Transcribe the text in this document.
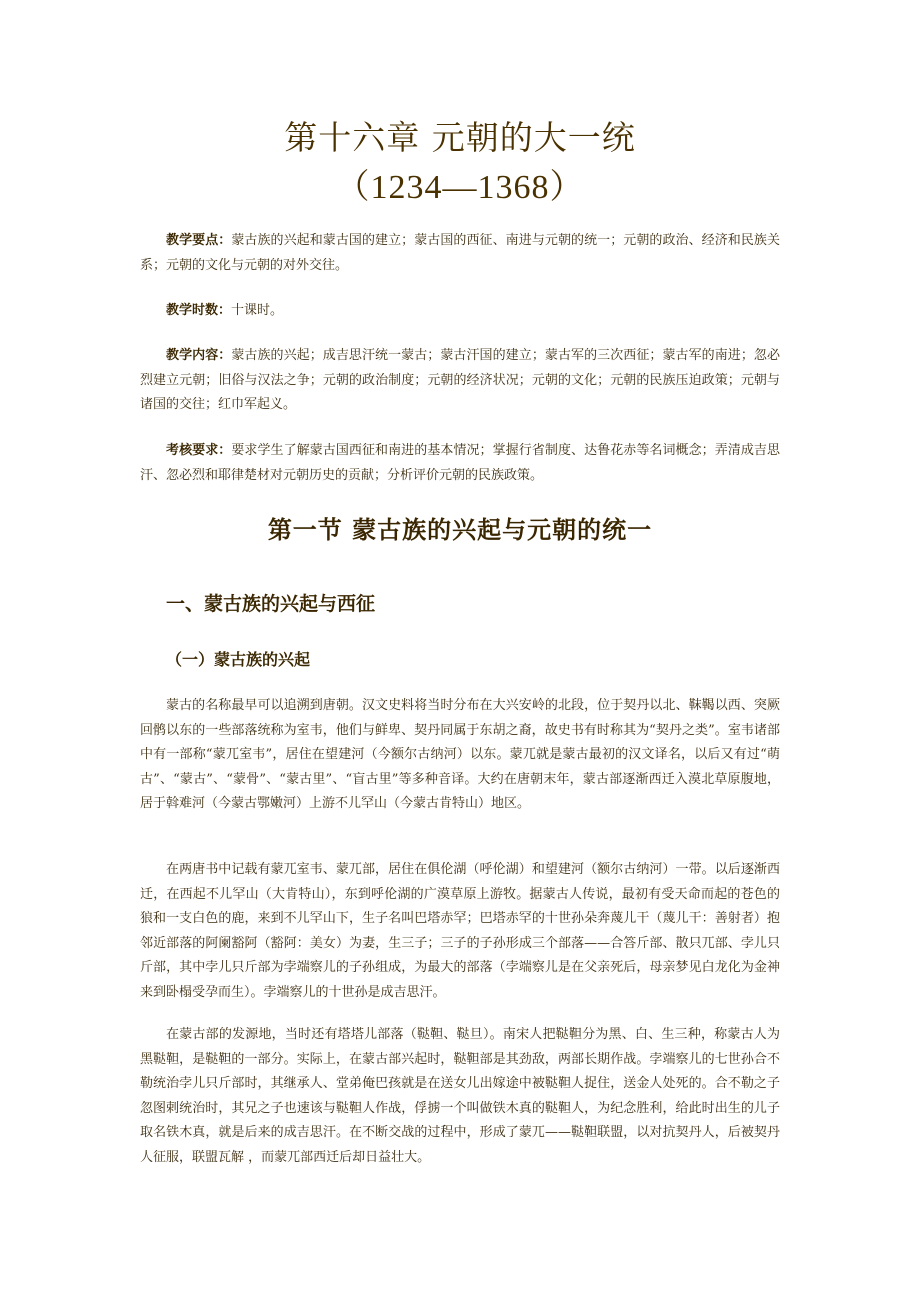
第十六章 元朝的大一统
（1234—1368）

教学要点：蒙古族的兴起和蒙古国的建立；蒙古国的西征、南进与元朝的统一；元朝的政治、经济和民族关系；元朝的文化与元朝的对外交往。

教学时数：十课时。

教学内容：蒙古族的兴起；成吉思汗统一蒙古；蒙古汗国的建立；蒙古军的三次西征；蒙古军的南进；忽必烈建立元朝；旧俗与汉法之争；元朝的政治制度；元朝的经济状况；元朝的文化；元朝的民族压迫政策；元朝与诸国的交往；红巾军起义。

考核要求：要求学生了解蒙古国西征和南进的基本情况；掌握行省制度、达鲁花赤等名词概念；弄清成吉思汗、忽必烈和耶律楚材对元朝历史的贡献；分析评价元朝的民族政策。

第一节 蒙古族的兴起与元朝的统一
一、蒙古族的兴起与西征
（一）蒙古族的兴起

蒙古的名称最早可以追溯到唐朝。汉文史料将当时分布在大兴安岭的北段，位于契丹以北、靺鞨以西、突厥回鹘以东的一些部落统称为室韦，他们与鲜卑、契丹同属于东胡之裔，故史书有时称其为“契丹之类”。室韦诸部中有一部称“蒙兀室韦”，居住在望建河（今额尔古纳河）以东。蒙兀就是蒙古最初的汉文译名，以后又有过“萌古”、“蒙古”、“蒙骨”、“蒙古里”、“盲古里”等多种音译。大约在唐朝末年，蒙古部逐渐西迁入漠北草原腹地，居于斡难河（今蒙古鄂嫩河）上游不儿罕山（今蒙古肯特山）地区。

在两唐书中记载有蒙兀室韦、蒙兀部，居住在俱伦湖（呼伦湖）和望建河（额尔古纳河）一带。以后逐渐西迁，在西起不儿罕山（大肯特山），东到呼伦湖的广漠草原上游牧。据蒙古人传说，最初有受天命而起的苍色的狼和一支白色的鹿，来到不儿罕山下，生子名叫巴塔赤罕；巴塔赤罕的十世孙朵奔蔑儿干（蔑儿干：善射者）抱邻近部落的阿阑豁阿（豁阿：美女）为妻，生三子；三子的子孙形成三个部落——合答斤部、散只兀部、孛儿只斤部，其中孛儿只斤部为孛端察儿的子孙组成，为最大的部落（孛端察儿是在父亲死后，母亲梦见白龙化为金神来到卧榻受孕而生）。孛端察儿的十世孙是成吉思汗。

在蒙古部的发源地，当时还有塔塔儿部落（鞑靼、鞑旦）。南宋人把鞑靼分为黑、白、生三种，称蒙古人为黑鞑靼，是鞑靼的一部分。实际上，在蒙古部兴起时，鞑靼部是其劲敌，两部长期作战。孛端察儿的七世孙合不勒统治孛儿只斤部时，其继承人、堂弟俺巴孩就是在送女儿出嫁途中被鞑靼人捉住，送金人处死的。合不勒之子忽图剌统治时，其兄之子也速该与鞑靼人作战，俘掳一个叫做铁木真的鞑靼人，为纪念胜利，给此时出生的儿子取名铁木真，就是后来的成吉思汗。在不断交战的过程中，形成了蒙兀——鞑靼联盟，以对抗契丹人，后被契丹人征服，联盟瓦解 ，而蒙兀部西迁后却日益壮大。
